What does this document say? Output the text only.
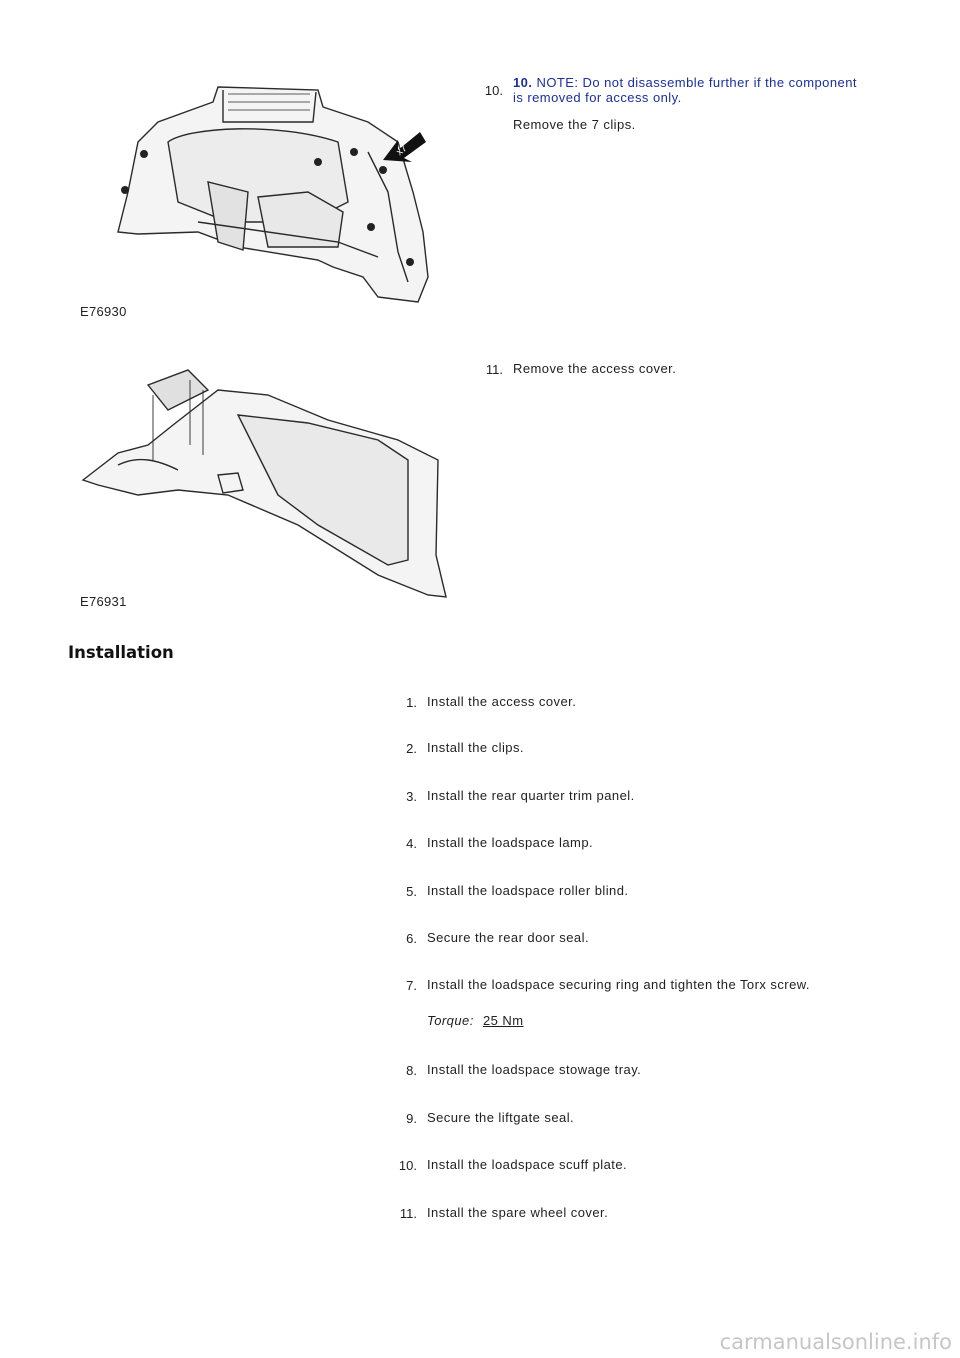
x7
E76930
E76931
10.
10. NOTE: Do not disassemble further if the component
is removed for access only.
Remove the 7 clips.
11. Remove the access cover.
Installation
1. Install the access cover.
2. Install the clips.
3. Install the rear quarter trim panel.
4. Install the loadspace lamp.
5. Install the loadspace roller blind.
6. Secure the rear door seal.
7. Install the loadspace securing ring and tighten the Torx screw.
Torque: 25 Nm
8. Install the loadspace stowage tray.
9. Secure the liftgate seal.
10. Install the loadspace scuff plate.
11. Install the spare wheel cover.
carmanualsonline.info
